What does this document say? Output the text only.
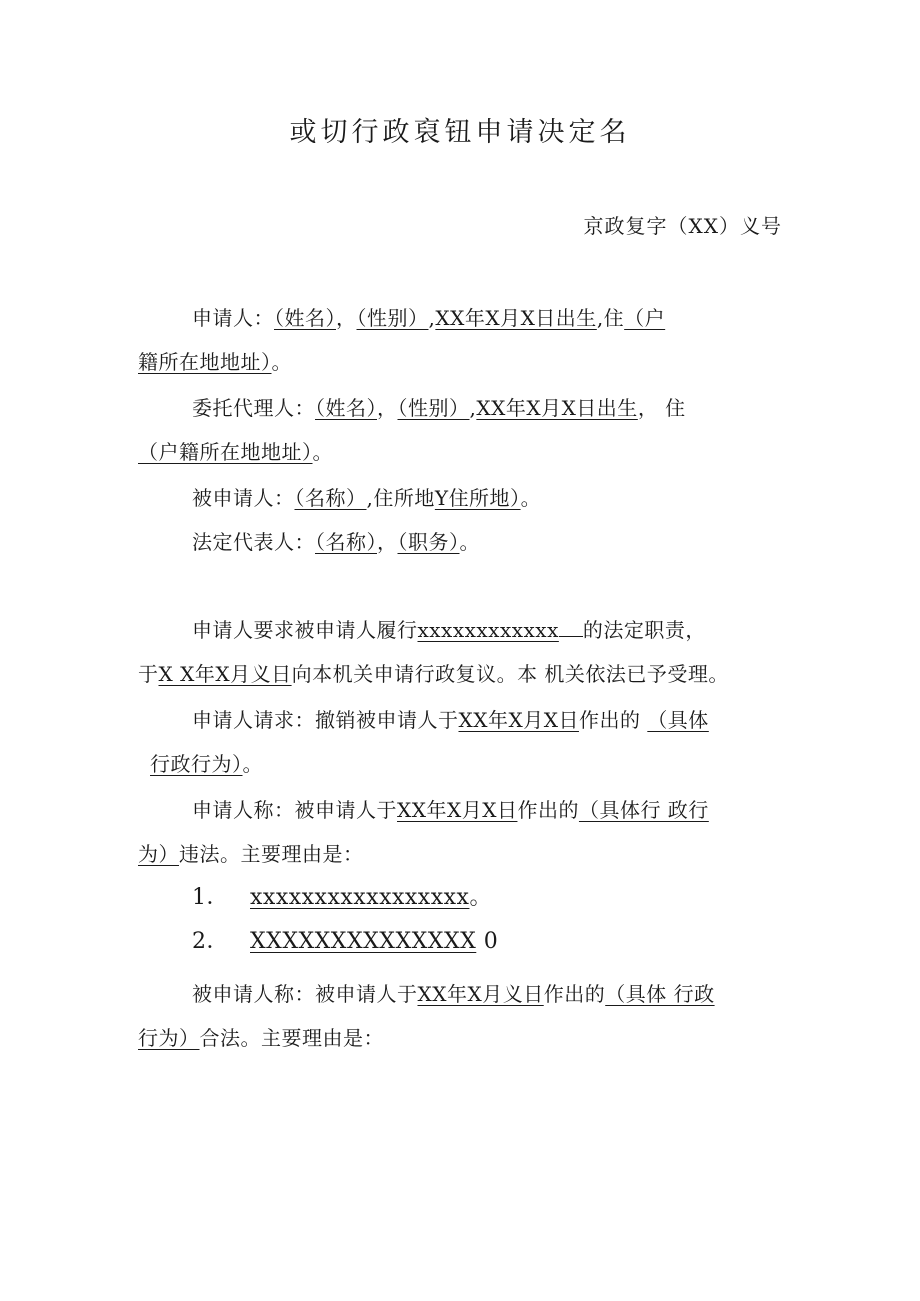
或切行政裒钮申请决定名
京政复字（XX）义号
申请人：（姓名），（性别）,XX年X月X日出生,住（户
籍所在地地址）。
委托代理人：（姓名），（性别）,XX年X月X日出生， 住
（户籍所在地地址）。
被申请人：（名称）,住所地Y住所地）。
法定代表人：（名称），（职务）。
申请人要求被申请人履行xxxxxxxxxxxx 的法定职责，
于X X年X月义日向本机关申请行政复议。本 机关依法已予受理。
申请人请求：撤销被申请人于XX年X月X日作出的 （具体
行政行为）。
申请人称：被申请人于XX年X月X日作出的（具体行 政行
为）违法。主要理由是：
1． xxxxxxxxxxxxxxxxx。
2． XXXXXXXXXXXXXX 0
被申请人称：被申请人于XX年X月义日作出的（具体 行政
行为）合法。主要理由是：
